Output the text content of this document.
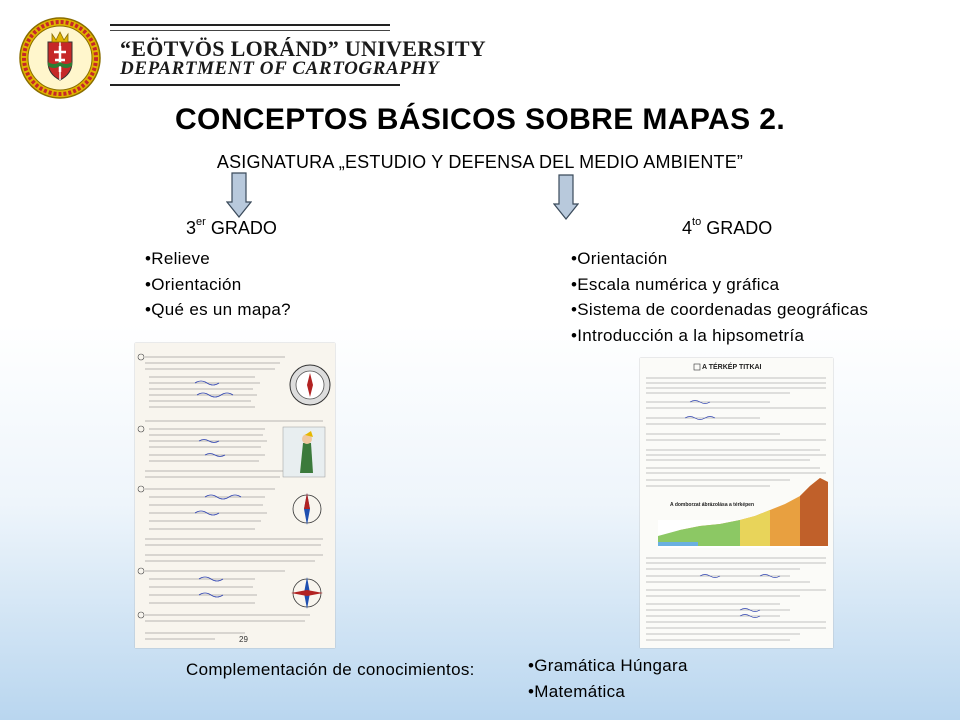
“EÖTVÖS LORÁND” UNIVERSITY
DEPARTMENT OF CARTOGRAPHY
CONCEPTOS BÁSICOS SOBRE MAPAS 2.
ASIGNATURA „ESTUDIO Y DEFENSA DEL MEDIO AMBIENTE”
3er GRADO	$4^{to}$ GRADO
• Relieve
• Orientación
• Qué es un mapa?
• Orientación
• Escala numérica y gráfica
• Sistema de coordenadas geográficas
• Introducción a la hipsometría
29
A TÉRKÉP TITKAI
A domborzat ábrázolása a térképen
Complementación de conocimientos:
•	Gramática Húngara
• Matemática
